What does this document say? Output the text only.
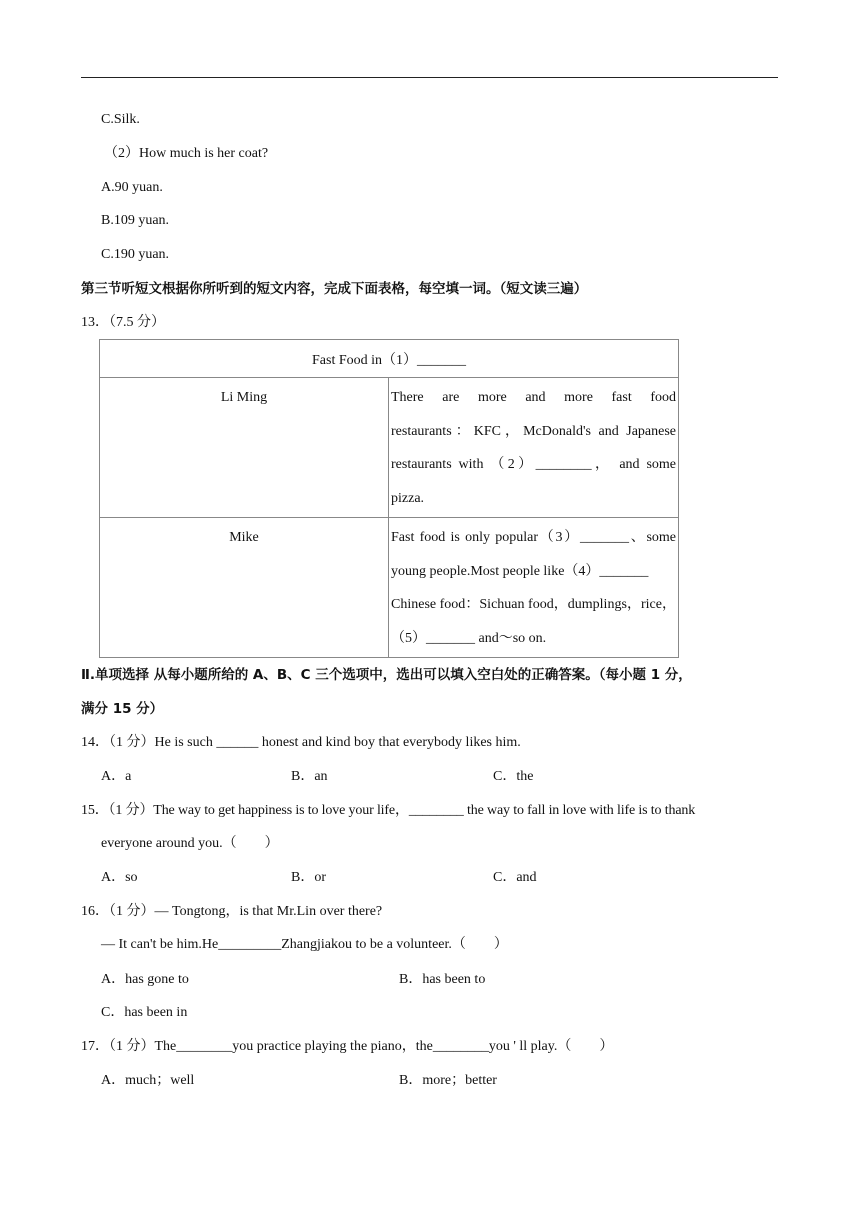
C.Silk.
（2）How much is her coat?
A.90 yuan.
B.109 yuan.
C.190 yuan.
第三节听短文根据你所听到的短文内容，完成下面表格，每空填一词。（短文读三遍）
13．（7.5 分）
Fast Food in（1）_______	

Li Ming	There are more and more fast food
restaurants：KFC，McDonald's and Japanese
restaurants with （2）________， and some
pizza.

Mike	Fast food is only popular（3）_______、some
young people.Most people like（4）_______
Chinese food：Sichuan food，dumplings，rice，
（5）_______ and～so on.
Ⅱ.单项选择 从每小题所给的 A、B、C 三个选项中，选出可以填入空白处的正确答案。（每小题 1 分，
满分 15 分）
14．（1 分）He is such ______ honest and kind boy that everybody likes him.
A．a	B．an	C．the
15．（1 分）The way to get happiness is to love your life，________ the way to fall in love with life is to thank
everyone around you.（　　）
A．so	B．or	C．and
16．（1 分）— Tongtong，is that Mr.Lin over there?
— It can't be him.He_________Zhangjiakou to be a volunteer.（　　）
A．has gone to	B．has been to
C．has been in
17．（1 分）The________you practice playing the piano，the________you ' ll play.（　　）
A．much；well	B．more；better
